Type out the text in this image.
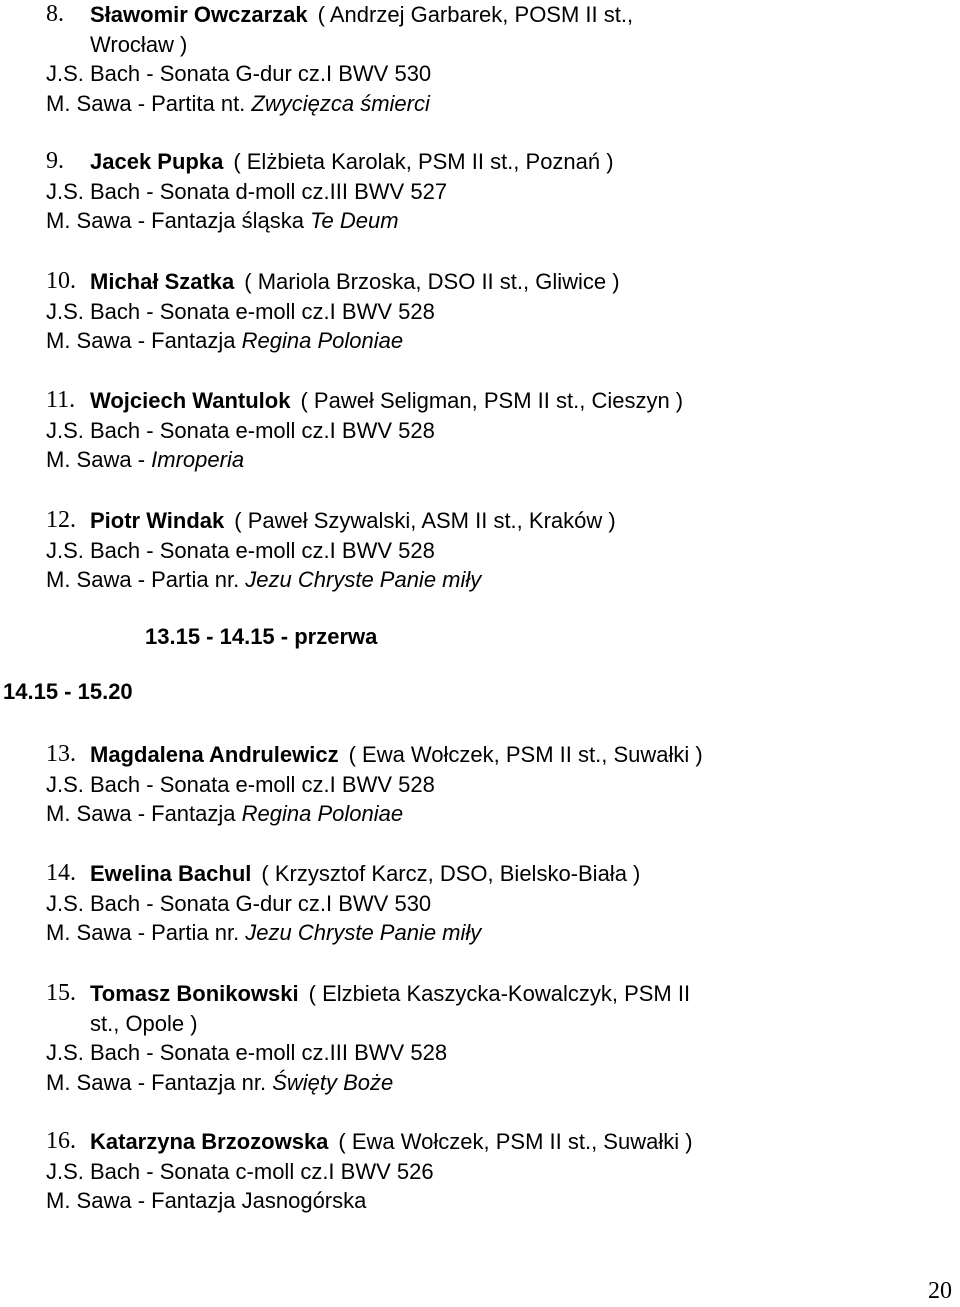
8.	Sławomir Owczarzak ( Andrzej Garbarek, POSM II st.,
Wrocław )
J.S. Bach - Sonata G-dur cz.I BWV 530
M. Sawa - Partita nt. Zwycięzca śmierci
9.	Jacek Pupka ( Elżbieta Karolak, PSM II st., Poznań )
J.S. Bach - Sonata d-moll cz.III BWV 527
M. Sawa - Fantazja śląska Te Deum
10. Michał Szatka ( Mariola Brzoska, DSO II st., Gliwice )
J.S. Bach - Sonata e-moll cz.I BWV 528
M. Sawa - Fantazja Regina Poloniae
11. Wojciech Wantulok ( Paweł Seligman, PSM II st., Cieszyn )
J.S. Bach - Sonata e-moll cz.I BWV 528
M. Sawa - Imroperia
12. Piotr Windak ( Paweł Szywalski, ASM II st., Kraków )
J.S. Bach - Sonata e-moll cz.I BWV 528
M. Sawa - Partia nr. Jezu Chryste Panie miły
13.15 - 14.15 - przerwa
14.15 - 15.20
13. Magdalena Andrulewicz ( Ewa Wołczek, PSM II st., Suwałki )
J.S. Bach - Sonata e-moll cz.I BWV 528
M. Sawa - Fantazja Regina Poloniae
14. Ewelina Bachul ( Krzysztof Karcz, DSO, Bielsko-Biała )
J.S. Bach - Sonata G-dur cz.I BWV 530
M. Sawa - Partia nr. Jezu Chryste Panie miły
15. Tomasz Bonikowski ( Elzbieta Kaszycka-Kowalczyk, PSM II
st., Opole )
J.S. Bach - Sonata e-moll cz.III BWV 528
M. Sawa - Fantazja nr. Święty Boże
16. Katarzyna Brzozowska ( Ewa Wołczek, PSM II st., Suwałki )
J.S. Bach - Sonata c-moll cz.I BWV 526
M. Sawa - Fantazja Jasnogórska
20
